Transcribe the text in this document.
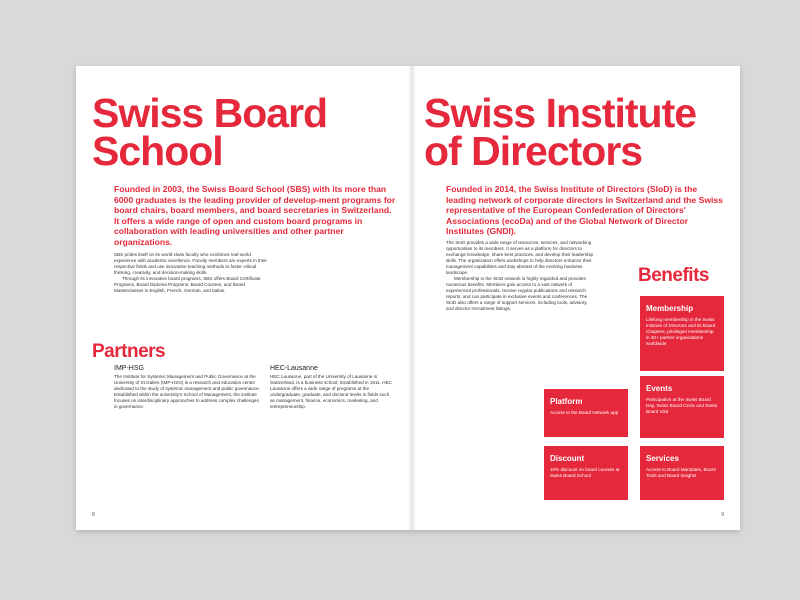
Swiss Board
School
Founded in 2003, the Swiss Board School (SBS) with its more than 6000 graduates is the leading provider of develop-ment programs for board chairs, board members, and board secretaries in Switzerland. It offers a wide range of open and custom board programs in collaboration with leading universities and other partner organizations.

SBS prides itself on its world-class faculty who combines real-world experience with academic excellence. Faculty members are experts in their respective fields and use innovative teaching methods to foster critical thinking, creativity, and decision-making skills.

Through its innovative board programs, SBS offers Board Certificate Programs, Board Diploma Programs, Board Courses, and Board Masterclasses in English, French, German, and Italian.

Partners
IMP-HSG
The Institute for Systemic Management and Public Governance at the University of St.Gallen (IMP-HSG) is a research and education center dedicated to the study of systemic management and public governance. Established within the university's School of Management, the institute focuses on interdisciplinary approaches to address complex challenges in governance.
HEC-Lausanne
HEC Lausanne, part of the University of Lausanne in Switzerland, is a business school. Established in 1911, HEC Lausanne offers a wide range of programs at the undergraduate, graduate, and doctoral levels in fields such as management, finance, economics, marketing, and entrepreneurship.
8
Swiss Institute
of Directors
Founded in 2014, the Swiss Institute of Directors (SIoD) is the leading network of corporate directors in Switzerland and the Swiss representative of the European Confederation of Directors' Associations (ecoDa) and of the Global Network of Director Institutes (GNDI).

The SIoD provides a wide range of resources, services, and networking opportunities to its members. It serves as a platform for directors to exchange knowledge, share best practices, and develop their leadership skills. The organization offers workshops to help directors enhance their management capabilities and stay abreast of the evolving business landscape.

Membership in the SIoD network is highly regarded and provides numerous benefits. Members gain access to a vast network of experienced professionals, receive regular publications and research reports, and can participate in exclusive events and conferences. The SIoD also offers a range of support services, including tools, advisory, and director recruitment listings.

Benefits
Membership
Lifelong membership in the Swiss Institute of Directors and its Board Chapters, privileged membership in 40+ partner organizations worldwide
Platform
Access to the Board Network app
Events
Participation at the Swiss Board Day, Swiss Board Circle and Swiss Board Visit
Discount
10% discount on board courses at Swiss Board School
Services
Access to Board Mandates, Board Tools and Board Insights
9
